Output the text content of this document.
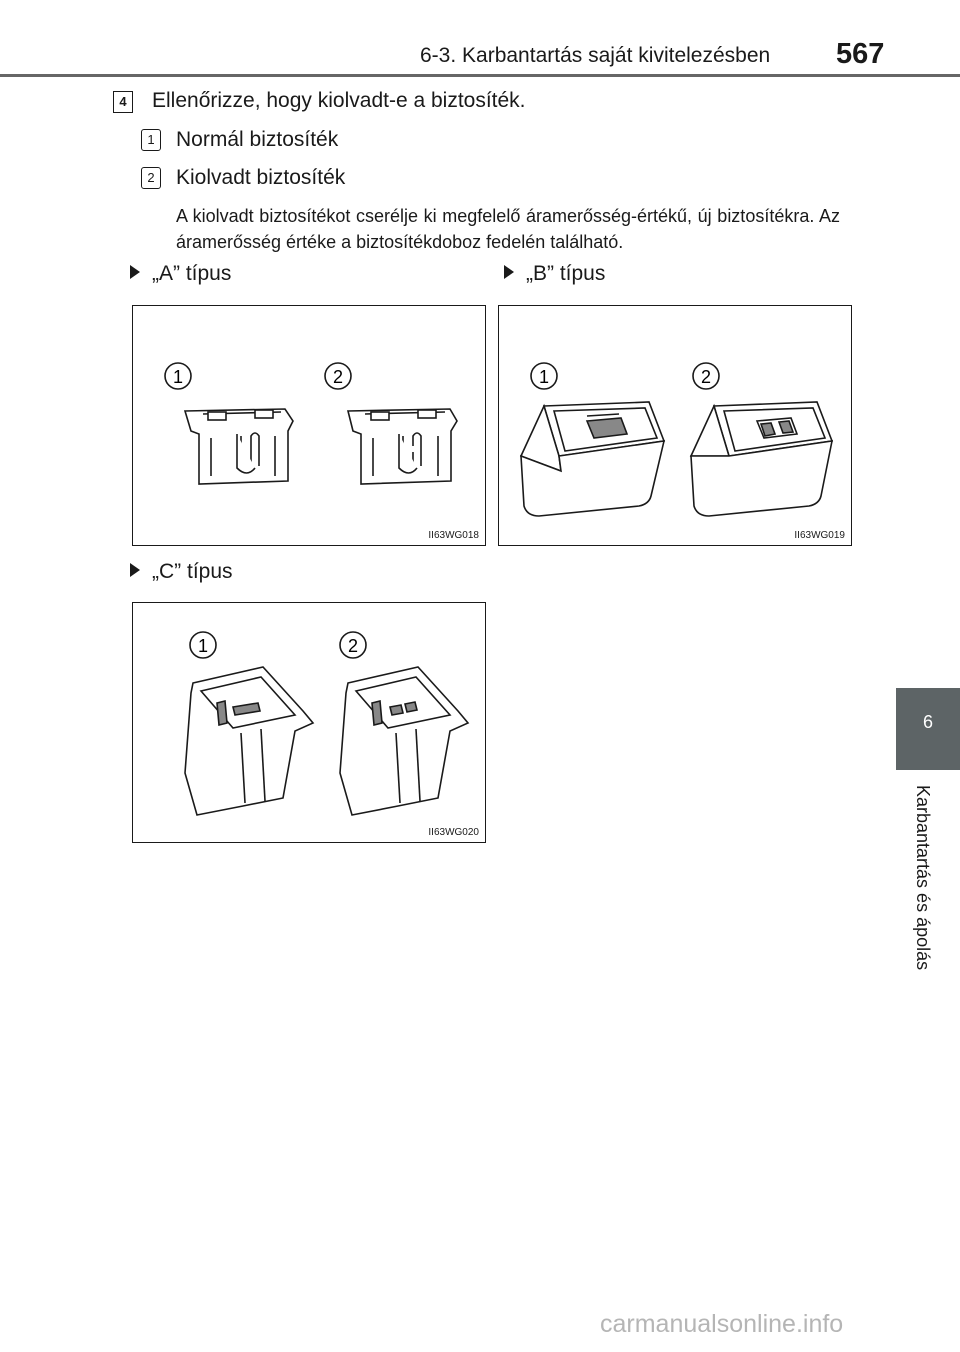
6-3. Karbantartás saját kivitelezésben 567
6
Karbantartás és ápolás
4	Ellenőrizze, hogy kiolvadt-e a biztosíték.
1	Normál biztosíték
2	Kiolvadt biztosíték
A kiolvadt biztosítékot cserélje ki megfelelő áramerősség-értékű, új biztosítékra. Az áramerősség értéke a biztosítékdoboz fedelén található.
„A” típus	„B” típus
„C” típus
1	2
II63WG018
1	2
II63WG019
1	2
II63WG020
carmanualsonline.info
